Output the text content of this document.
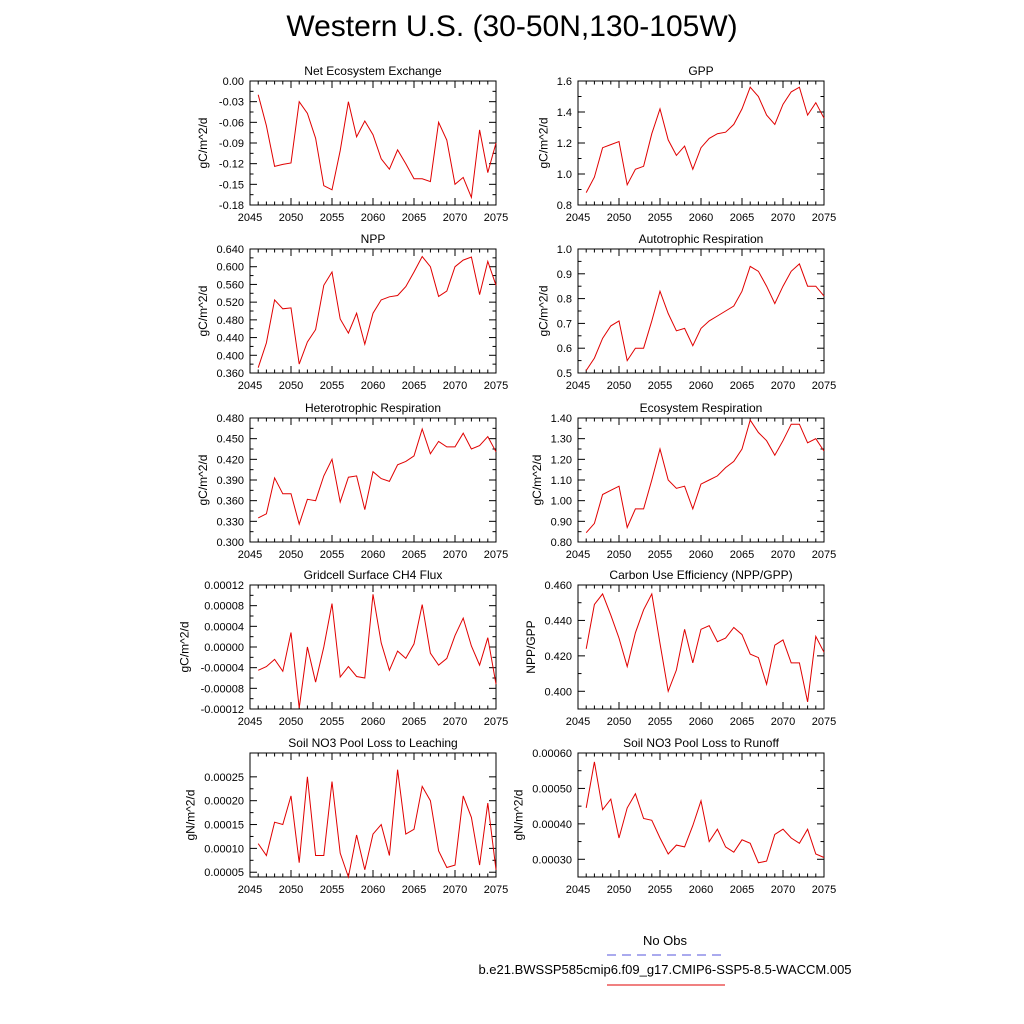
Western U.S. (30-50N,130-105W)
Net Ecosystem Exchange
2045 2050 2055 2060 2065 2070 2075
0.00
-0.03
-0.06
-0.09
-0.12
-0.15
-0.18
gC/m^2/d
GPP
2045 2050 2055 2060 2065 2070 2075
1.6
1.4
1.2
1.0
0.8
gC/m^2/d
NPP
2045 2050 2055 2060 2065 2070 2075
0.640
0.600
0.560
0.520
0.480
0.440
0.400
0.360
gC/m^2/d
Autotrophic Respiration
2045 2050 2055 2060 2065 2070 2075
1.0
0.9
0.8
0.7
0.6
0.5
gC/m^2/d
Heterotrophic Respiration
2045 2050 2055 2060 2065 2070 2075
0.480
0.450
0.420
0.390
0.360
0.330
0.300
gC/m^2/d
Ecosystem Respiration
2045 2050 2055 2060 2065 2070 2075
1.40
1.30
1.20
1.10
1.00
0.90
0.80
gC/m^2/d
Gridcell Surface CH4 Flux
2045 2050 2055 2060 2065 2070 2075
0.00012
0.00008
0.00004
0.00000
-0.00004
-0.00008
-0.00012
gC/m^2/d
Carbon Use Efficiency (NPP/GPP)
2045 2050 2055 2060 2065 2070 2075
0.460
0.440
0.420
0.400
NPP/GPP
Soil NO3 Pool Loss to Leaching
2045 2050 2055 2060 2065 2070 2075
0.00025
0.00020
0.00015
0.00010
0.00005
gN/m^2/d
Soil NO3 Pool Loss to Runoff
2045 2050 2055 2060 2065 2070 2075
0.00060
0.00050
0.00040
0.00030
gN/m^2/d
No Obs
b.e21.BWSSP585cmip6.f09_g17.CMIP6-SSP5-8.5-WACCM.005
